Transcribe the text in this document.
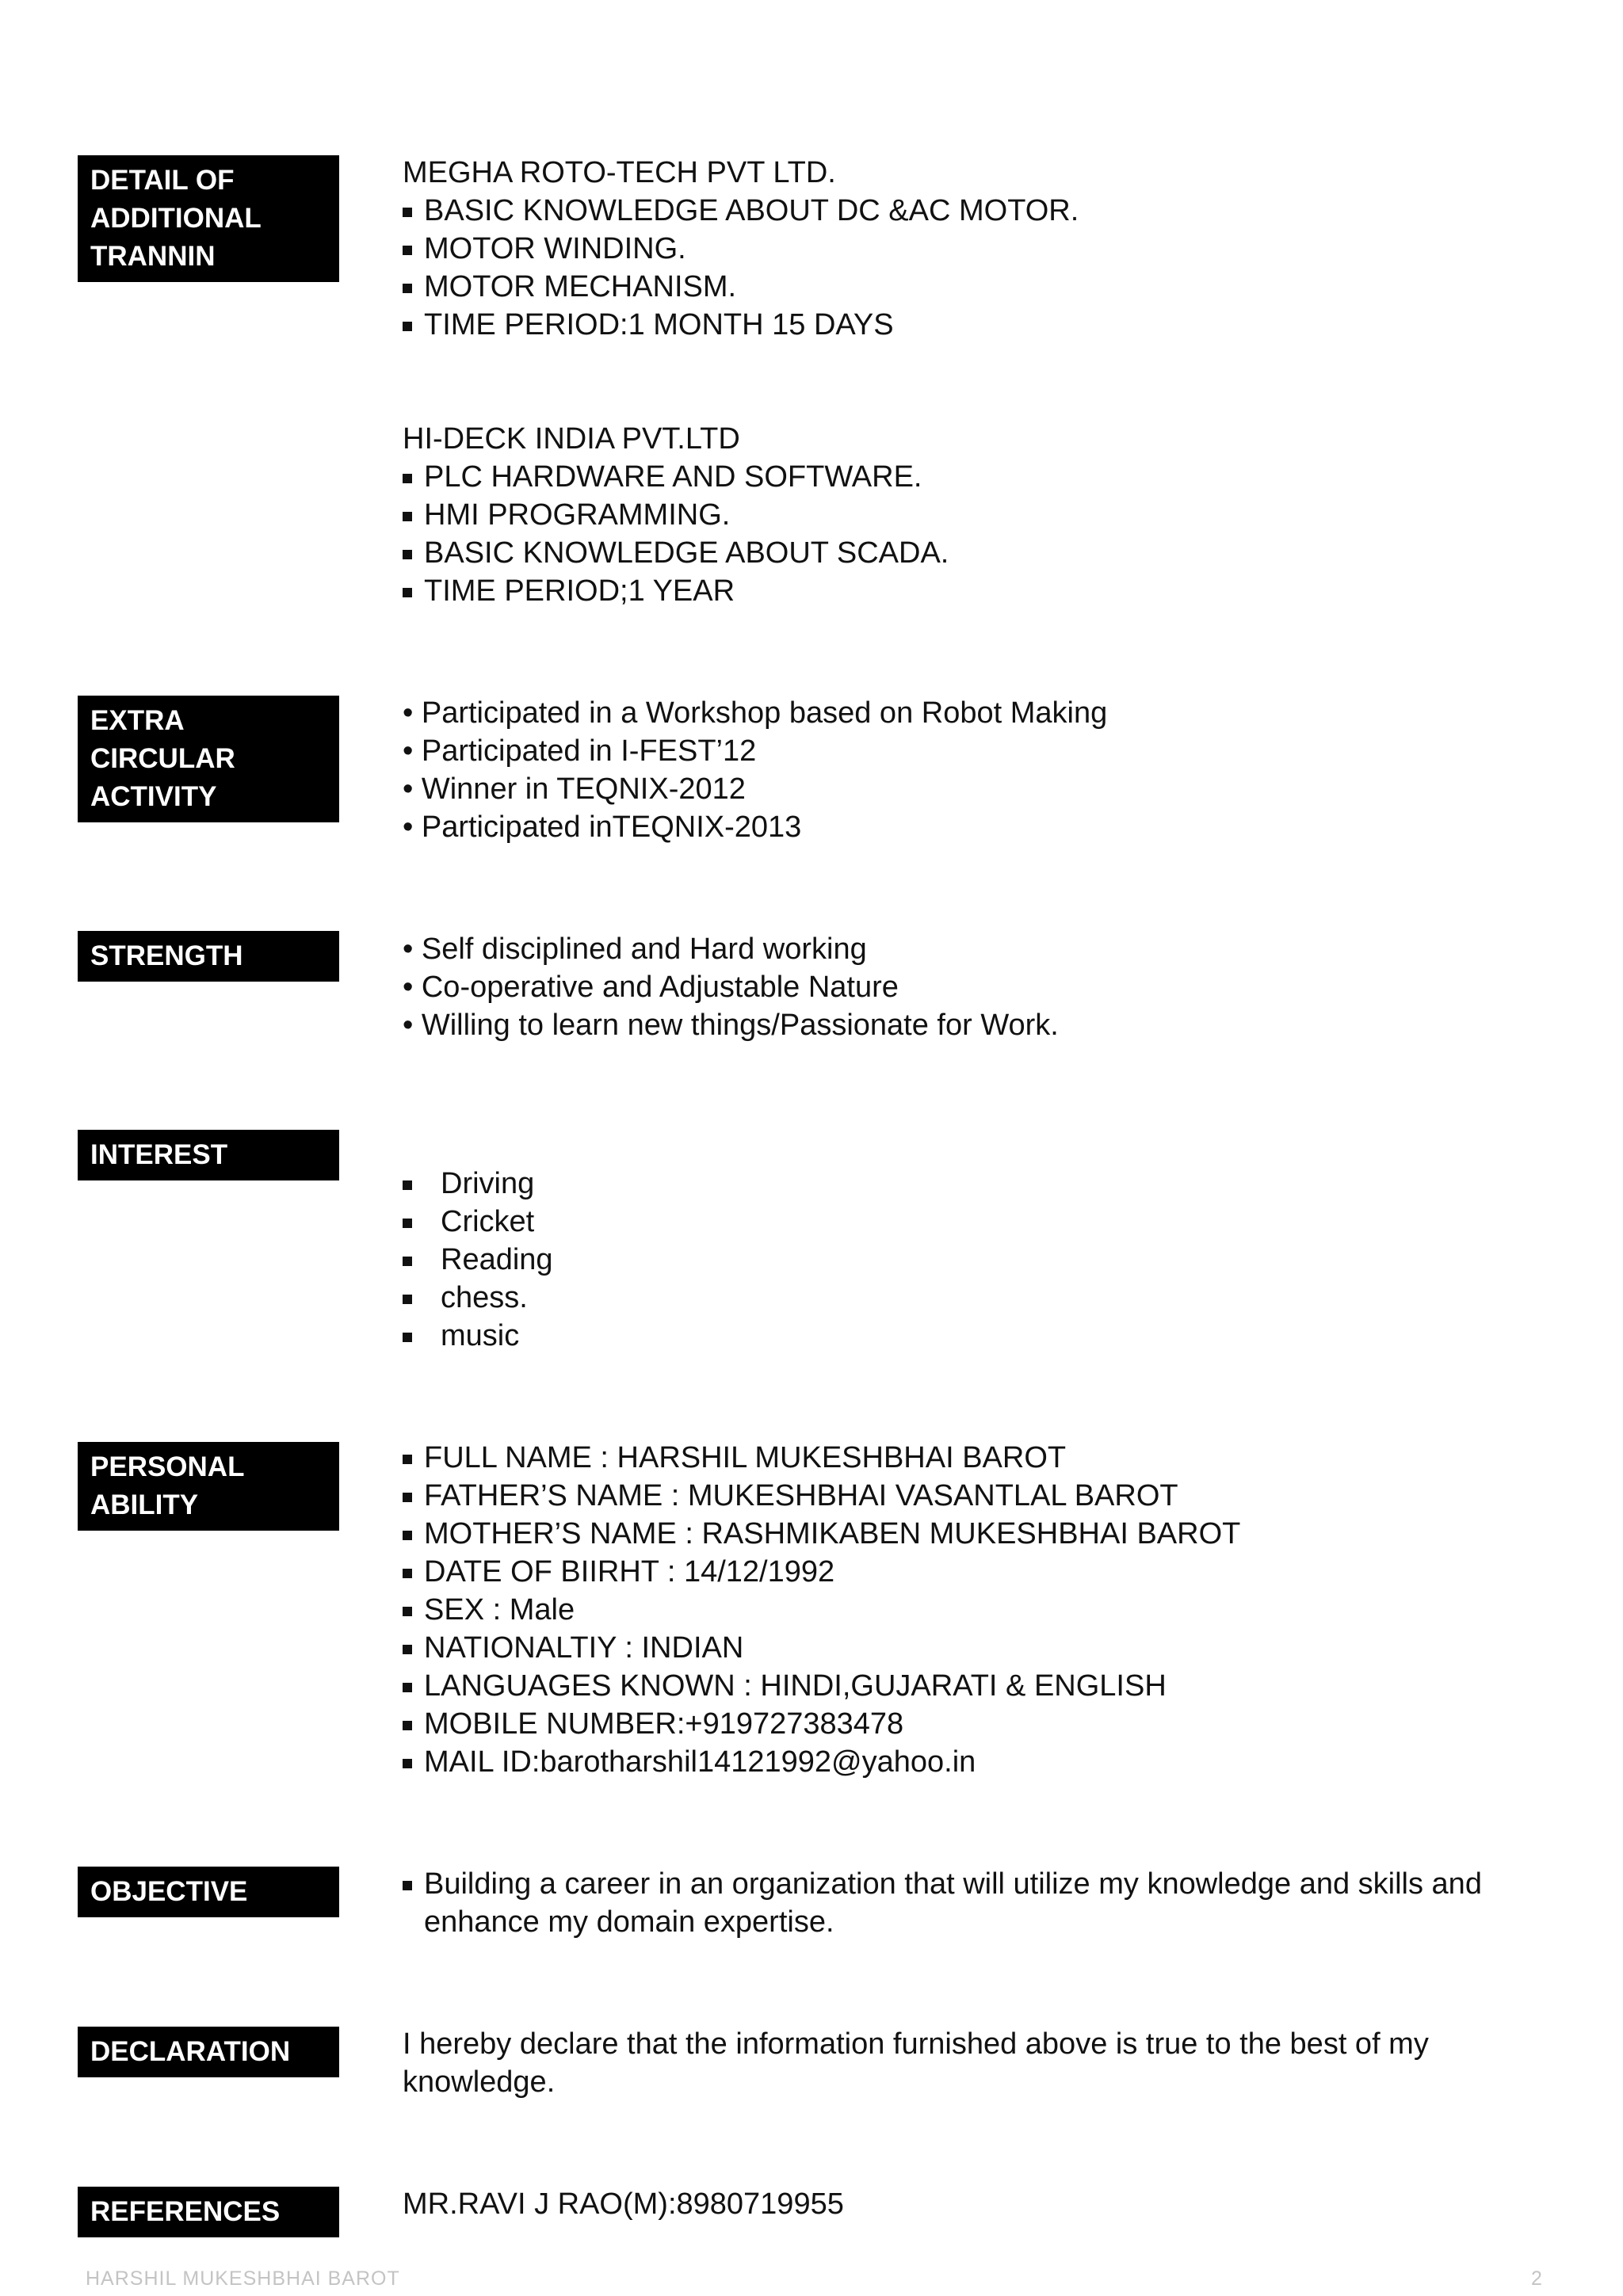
DETAIL OF
ADDITIONAL
TRANNIN
MEGHA ROTO-TECH PVT LTD.
BASIC KNOWLEDGE ABOUT DC &AC MOTOR.
MOTOR WINDING.
MOTOR MECHANISM.
TIME PERIOD:1 MONTH 15 DAYS
HI-DECK INDIA PVT.LTD
PLC HARDWARE AND SOFTWARE.
HMI PROGRAMMING.
BASIC KNOWLEDGE ABOUT SCADA.
TIME PERIOD;1 YEAR
EXTRA
CIRCULAR
ACTIVITY
• Participated in a Workshop based on Robot Making
• Participated in I-FEST’12
• Winner in TEQNIX-2012
• Participated inTEQNIX-2013
STRENGTH	• Self disciplined and Hard working
• Co-operative and Adjustable Nature
• Willing to learn new things/Passionate for Work.
INTEREST
Driving
Cricket
Reading
chess.
music
PERSONAL
ABILITY
FULL NAME : HARSHIL MUKESHBHAI BAROT
FATHER’S NAME : MUKESHBHAI VASANTLAL BAROT
MOTHER’S NAME : RASHMIKABEN MUKESHBHAI BAROT
DATE OF BIIRHT : 14/12/1992
SEX : Male
NATIONALTIY : INDIAN
LANGUAGES KNOWN : HINDI,GUJARATI & ENGLISH
MOBILE NUMBER:+919727383478
MAIL ID:barotharshil14121992@yahoo.in
OBJECTIVE	Building a career in an organization that will utilize my knowledge and skills and enhance my domain expertise.
DECLARATION	I hereby declare that the information furnished above is true to the best of my knowledge.
REFERENCES	MR.RAVI J RAO(M):8980719955
HARSHIL MUKESHBHAI BAROT	2
